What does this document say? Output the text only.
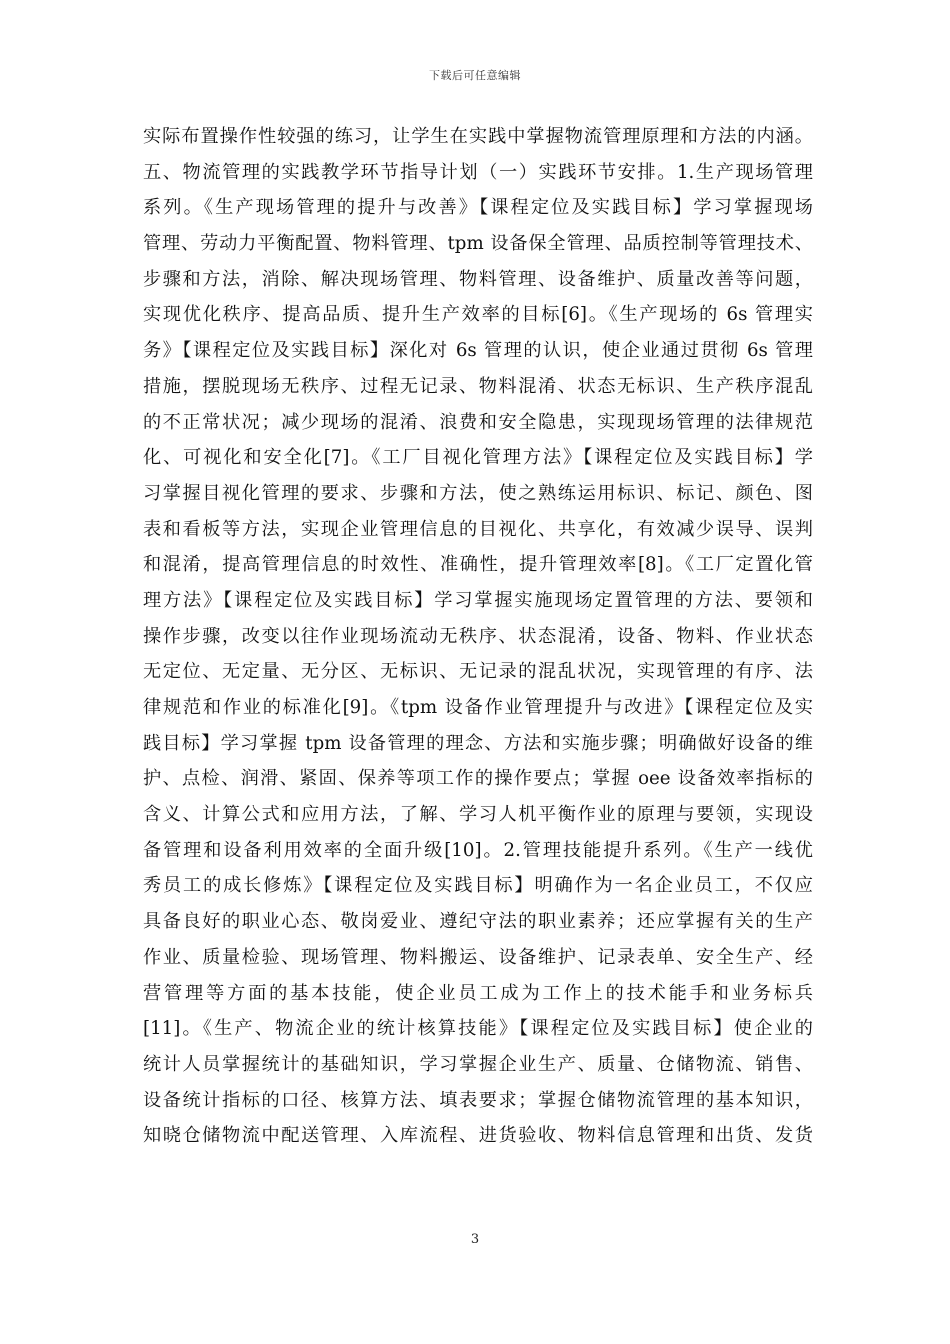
下载后可任意编辑
实际布置操作性较强的练习，让学生在实践中掌握物流管理原理和方法的内涵。
五、物流管理的实践教学环节指导计划（一）实践环节安排。1.生产现场管理
系列。《生产现场管理的提升与改善》【课程定位及实践目标】学习掌握现场
管理、劳动力平衡配置、物料管理、tpm 设备保全管理、品质控制等管理技术、
步骤和方法，消除、解决现场管理、物料管理、设备维护、质量改善等问题，
实现优化秩序、提高品质、提升生产效率的目标[6]。《生产现场的 6s 管理实
务》【课程定位及实践目标】深化对 6s 管理的认识，使企业通过贯彻 6s 管理
措施，摆脱现场无秩序、过程无记录、物料混淆、状态无标识、生产秩序混乱
的不正常状况；减少现场的混淆、浪费和安全隐患，实现现场管理的法律规范
化、可视化和安全化[7]。《工厂目视化管理方法》【课程定位及实践目标】学
习掌握目视化管理的要求、步骤和方法，使之熟练运用标识、标记、颜色、图
表和看板等方法，实现企业管理信息的目视化、共享化，有效减少误导、误判
和混淆，提高管理信息的时效性、准确性，提升管理效率[8]。《工厂定置化管
理方法》【课程定位及实践目标】学习掌握实施现场定置管理的方法、要领和
操作步骤，改变以往作业现场流动无秩序、状态混淆，设备、物料、作业状态
无定位、无定量、无分区、无标识、无记录的混乱状况，实现管理的有序、法
律规范和作业的标准化[9]。《tpm 设备作业管理提升与改进》【课程定位及实
践目标】学习掌握 tpm 设备管理的理念、方法和实施步骤；明确做好设备的维
护、点检、润滑、紧固、保养等项工作的操作要点；掌握 oee 设备效率指标的
含义、计算公式和应用方法，了解、学习人机平衡作业的原理与要领，实现设
备管理和设备利用效率的全面升级[10]。2.管理技能提升系列。《生产一线优
秀员工的成长修炼》【课程定位及实践目标】明确作为一名企业员工，不仅应
具备良好的职业心态、敬岗爱业、遵纪守法的职业素养；还应掌握有关的生产
作业、质量检验、现场管理、物料搬运、设备维护、记录表单、安全生产、经
营管理等方面的基本技能，使企业员工成为工作上的技术能手和业务标兵
[11]。《生产、物流企业的统计核算技能》【课程定位及实践目标】使企业的
统计人员掌握统计的基础知识，学习掌握企业生产、质量、仓储物流、销售、
设备统计指标的口径、核算方法、填表要求；掌握仓储物流管理的基本知识，
知晓仓储物流中配送管理、入库流程、进货验收、物料信息管理和出货、发货
3
